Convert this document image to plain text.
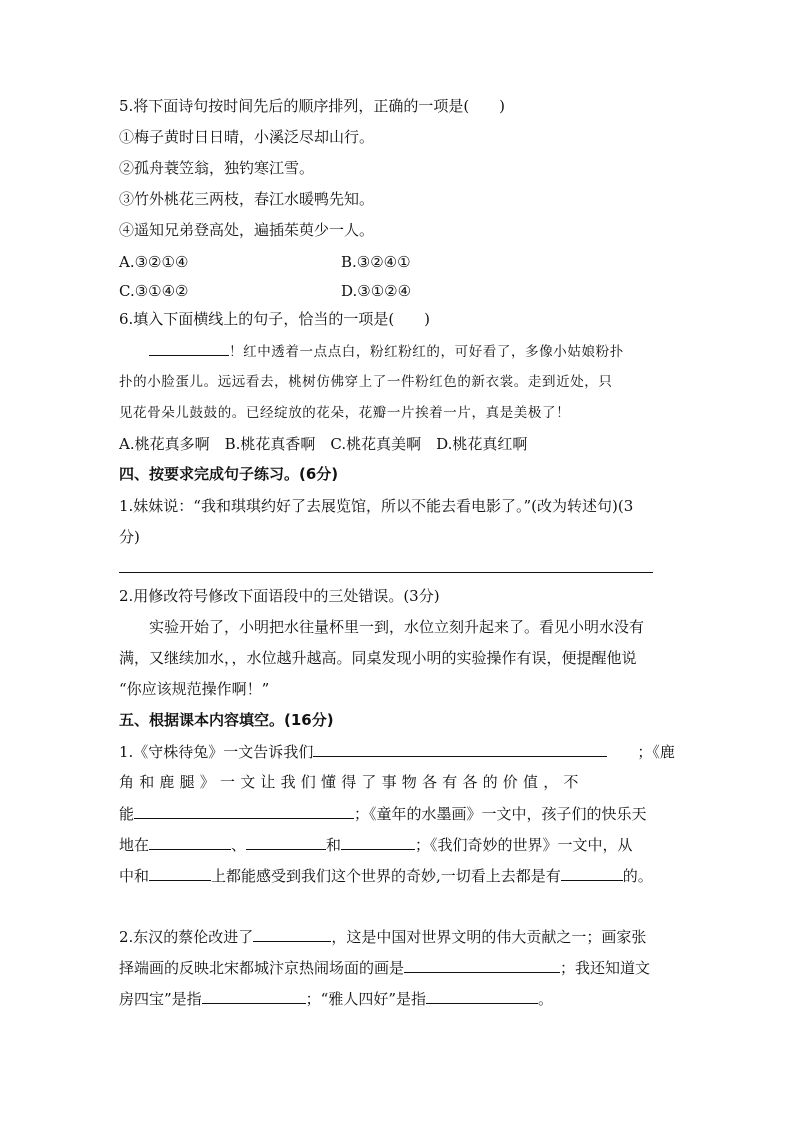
5.将下面诗句按时间先后的顺序排列，正确的一项是(　　)
①梅子黄时日日晴，小溪泛尽却山行。
②孤舟蓑笠翁，独钓寒江雪。
③竹外桃花三两枝，春江水暖鸭先知。
④遥知兄弟登高处，遍插茱萸少一人。
A.③②①④	B.③②④①
C.③①④②	D.③①②④
6.填入下面横线上的句子，恰当的一项是(　　)
！红中透着一点点白，粉红粉红的，可好看了，多像小姑娘粉扑
扑的小脸蛋儿。远远看去，桃树仿佛穿上了一件粉红色的新衣裳。走到近处，只
见花骨朵儿鼓鼓的。已经绽放的花朵，花瓣一片挨着一片，真是美极了！
A.桃花真多啊　B.桃花真香啊　C.桃花真美啊　D.桃花真红啊
四、按要求完成句子练习。(6分)
1.妹妹说：“我和琪琪约好了去展览馆，所以不能去看电影了。”(改为转述句)(3
分)
2.用修改符号修改下面语段中的三处错误。(3分)
实验开始了，小明把水往量杯里一到，水位立刻升起来了。看见小明水没有
满，又继续加水，，水位越升越高。同桌发现小明的实验操作有误，便提醒他说
“你应该规范操作啊！”
五、根据课本内容填空。(16分)
1.《守株待兔》一文告诉我们	；《鹿
角和鹿腿》一文让我们懂得了事物各有各的价值，不
能	；《童年的水墨画》一文中，孩子们的快乐天
地在	、	和	；《我们奇妙的世界》一文中，从
中和	上都能感受到我们这个世界的奇妙,一切看上去都是有	的。
2.东汉的蔡伦改进了	，这是中国对世界文明的伟大贡献之一；画家张
择端画的反映北宋都城汴京热闹场面的画是	；我还知道文
房四宝”是指	；“雅人四好”是指	。
